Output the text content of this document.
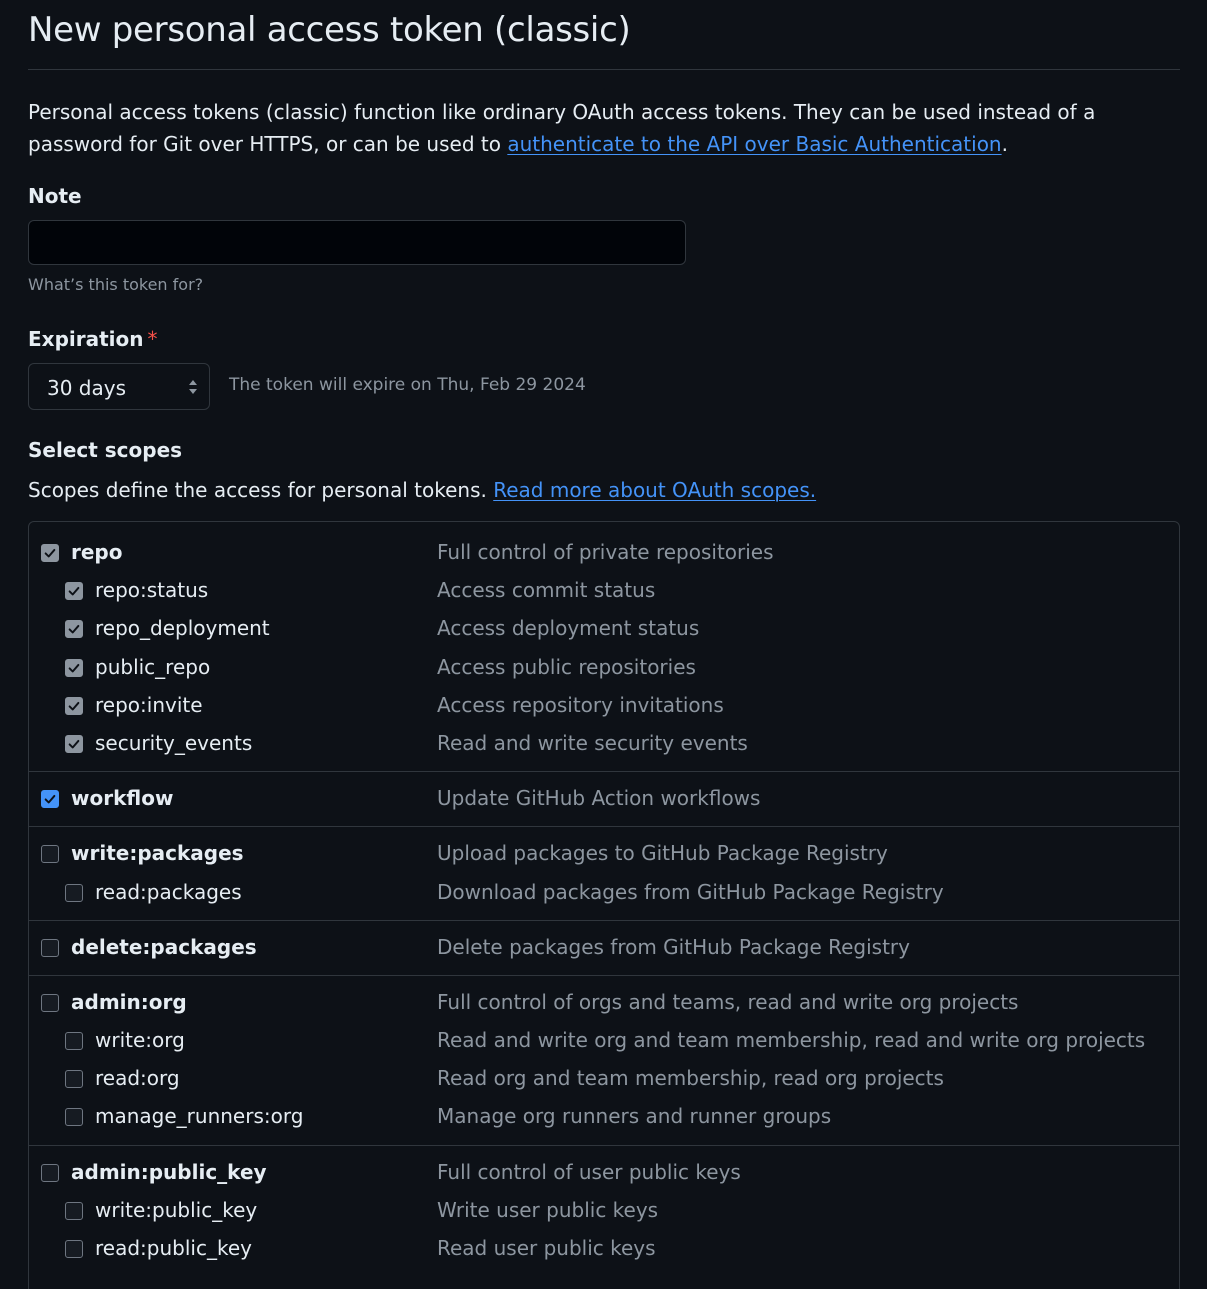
New personal access token (classic)
Personal access tokens (classic) function like ordinary OAuth access tokens. They can be used instead of a password for Git over HTTPS, or can be used to authenticate to the API over Basic Authentication.
Note
What’s this token for?
Expiration *
30 days	The token will expire on Thu, Feb 29 2024
Select scopes
Scopes define the access for personal tokens. Read more about OAuth scopes.
repo	Full control of private repositories
repo:status	Access commit status
repo_deployment	Access deployment status
public_repo	Access public repositories
repo:invite	Access repository invitations
security_events	Read and write security events
workflow	Update GitHub Action workflows
write:packages	Upload packages to GitHub Package Registry
read:packages	Download packages from GitHub Package Registry
delete:packages	Delete packages from GitHub Package Registry
admin:org	Full control of orgs and teams, read and write org projects
write:org	Read and write org and team membership, read and write org projects
read:org	Read org and team membership, read org projects
manage_runners:org	Manage org runners and runner groups
admin:public_key	Full control of user public keys
write:public_key	Write user public keys
read:public_key	Read user public keys
